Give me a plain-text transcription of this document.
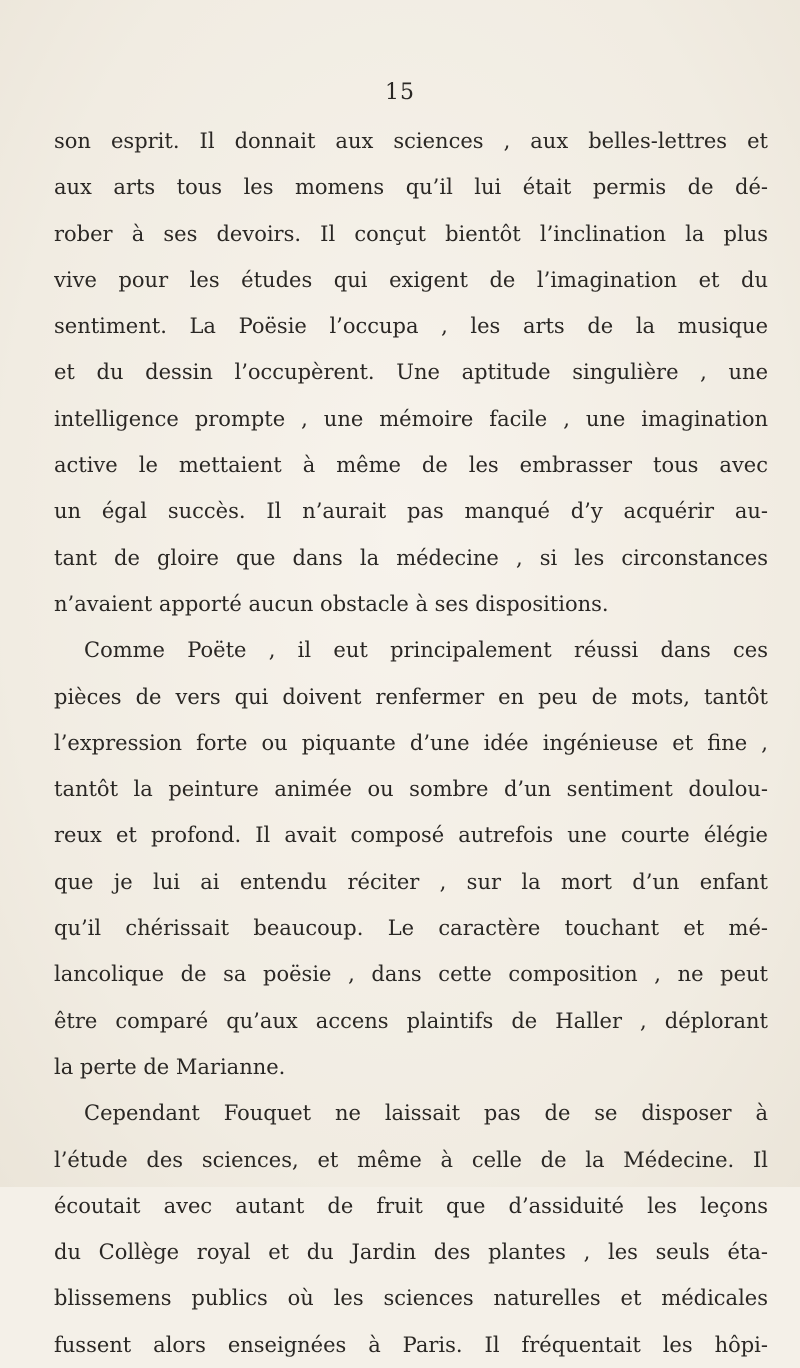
15
son esprit. Il donnait aux sciences , aux belles-lettres et
aux arts tous les momens qu’il lui était permis de dé-
rober à ses devoirs. Il conçut bientôt l’inclination la plus
vive pour les études qui exigent de l’imagination et du
sentiment. La Poësie l’occupa , les arts de la musique
et du dessin l’occupèrent. Une aptitude singulière , une
intelligence prompte , une mémoire facile , une imagination
active le mettaient à même de les embrasser tous avec
un égal succès. Il n’aurait pas manqué d’y acquérir au-
tant de gloire que dans la médecine , si les circonstances
n’avaient apporté aucun obstacle à ses dispositions.
Comme Poëte , il eut principalement réussi dans ces
pièces de vers qui doivent renfermer en peu de mots, tantôt
l’expression forte ou piquante d’une idée ingénieuse et fine ,
tantôt la peinture animée ou sombre d’un sentiment doulou-
reux et profond. Il avait composé autrefois une courte élégie
que je lui ai entendu réciter , sur la mort d’un enfant
qu’il chérissait beaucoup. Le caractère touchant et mé-
lancolique de sa poësie , dans cette composition , ne peut
être comparé qu’aux accens plaintifs de Haller , déplorant
la perte de Marianne.
Cependant Fouquet ne laissait pas de se disposer à
l’étude des sciences, et même à celle de la Médecine. Il
écoutait avec autant de fruit que d’assiduité les leçons
du Collège royal et du Jardin des plantes , les seuls éta-
blissemens publics où les sciences naturelles et médicales
fussent alors enseignées à Paris. Il fréquentait les hôpi-
